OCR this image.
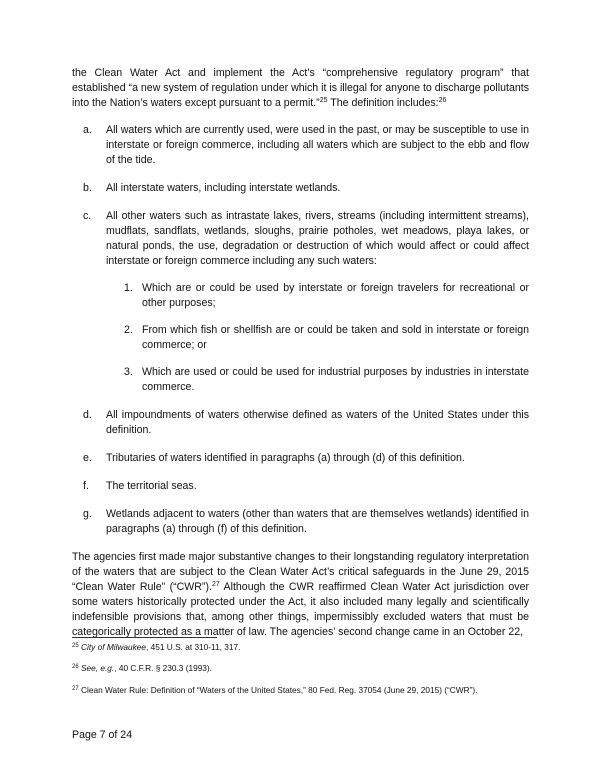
the Clean Water Act and implement the Act’s “comprehensive regulatory program” that established “a new system of regulation under which it is illegal for anyone to discharge pollutants into the Nation’s waters except pursuant to a permit.”$^{25}$ The definition includes:$^{26}$

a. All waters which are currently used, were used in the past, or may be susceptible to use in interstate or foreign commerce, including all waters which are subject to the ebb and flow of the tide.
b. All interstate waters, including interstate wetlands.
c. All other waters such as intrastate lakes, rivers, streams (including intermittent streams), mudflats, sandflats, wetlands, sloughs, prairie potholes, wet meadows, playa lakes, or natural ponds, the use, degradation or destruction of which would affect or could affect interstate or foreign commerce including any such waters:
1. Which are or could be used by interstate or foreign travelers for recreational or other purposes;
2. From which fish or shellfish are or could be taken and sold in interstate or foreign commerce; or
3. Which are used or could be used for industrial purposes by industries in interstate commerce.
d. All impoundments of waters otherwise defined as waters of the United States under this definition.
e. Tributaries of waters identified in paragraphs (a) through (d) of this definition.
f. The territorial seas.
g. Wetlands adjacent to waters (other than waters that are themselves wetlands) identified in paragraphs (a) through (f) of this definition.

The agencies first made major substantive changes to their longstanding regulatory interpretation of the waters that are subject to the Clean Water Act’s critical safeguards in the June 29, 2015 “Clean Water Rule” (“CWR”).$^{27}$ Although the CWR reaffirmed Clean Water Act jurisdiction over some waters historically protected under the Act, it also included many legally and scientifically indefensible provisions that, among other things, impermissibly excluded waters that must be categorically protected as a matter of law. The agencies’ second change came in an October 22,

$^{25}$ City of Milwaukee, 451 U.S. at 310-11, 317.
$^{26}$ See, e.g., 40 C.F.R. § 230.3 (1993).
$^{27}$ Clean Water Rule: Definition of “Waters of the United States,” 80 Fed. Reg. 37054 (June 29, 2015) (“CWR”).
Page 7 of 24
